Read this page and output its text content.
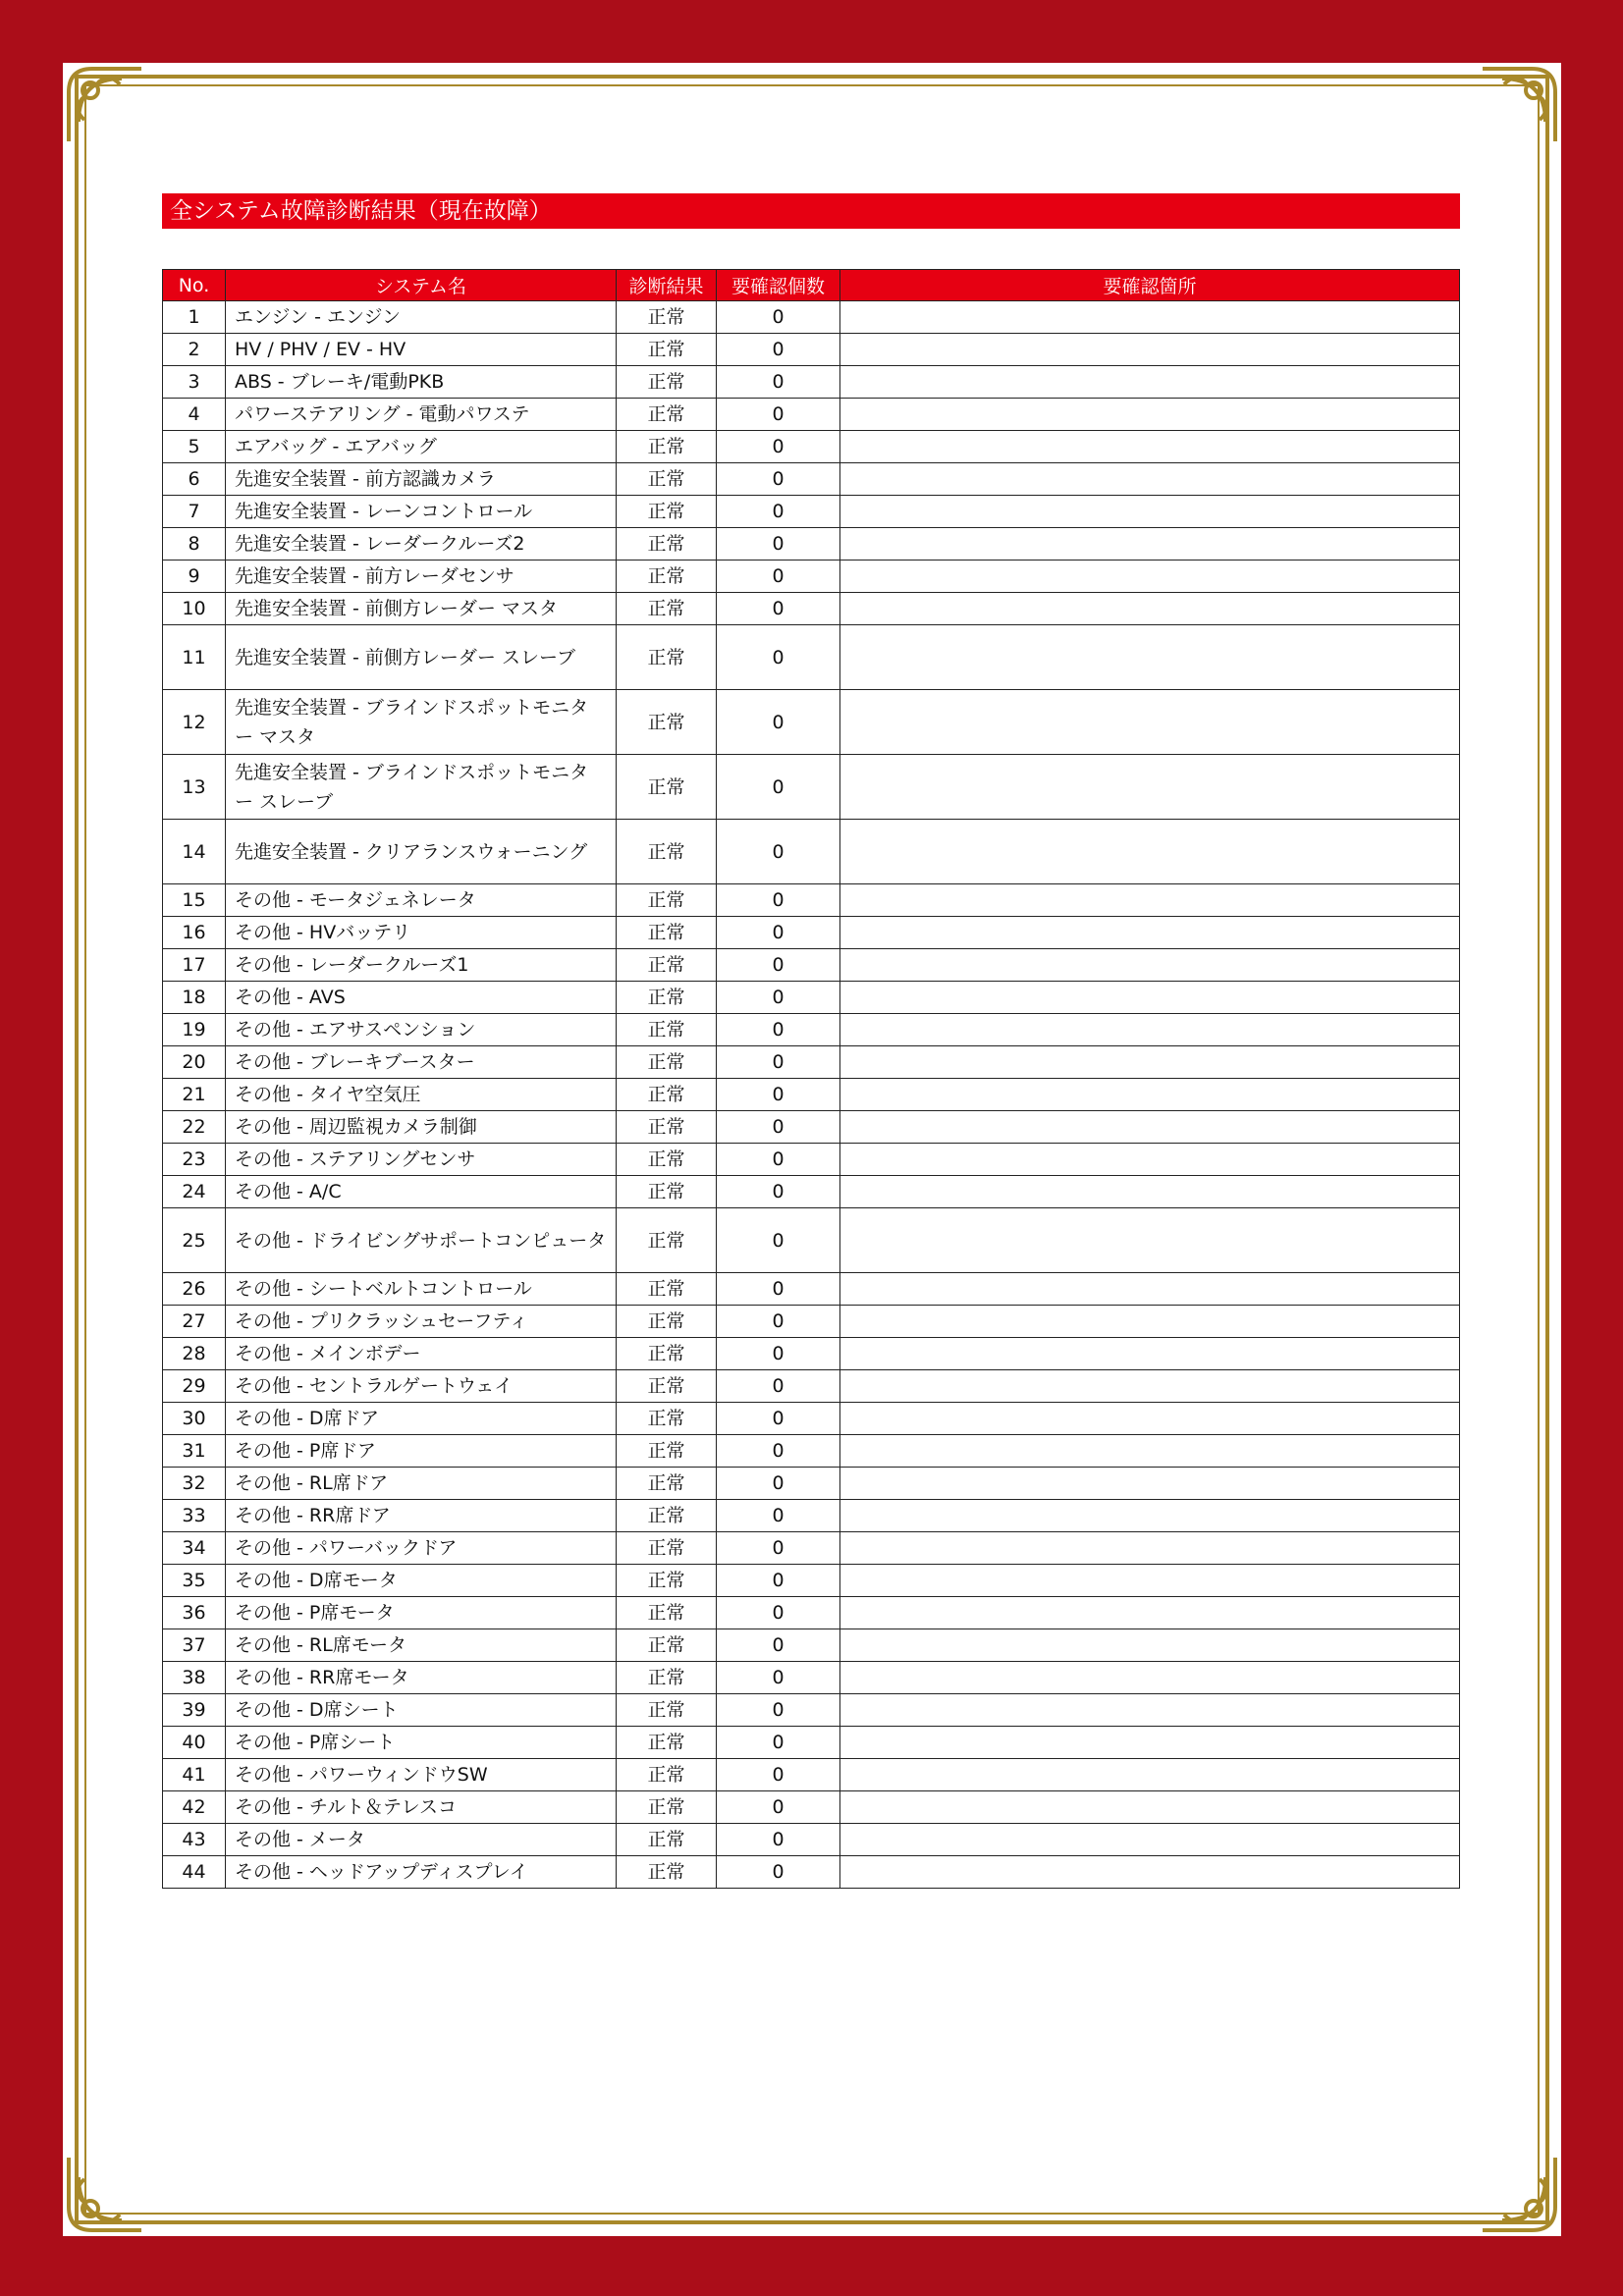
全システム故障診断結果（現在故障）
No.	システム名	診断結果	要確認個数	要確認箇所
1	エンジン - エンジン	正常	0	
2	HV / PHV / EV - HV	正常	0	
3	ABS - ブレーキ/電動PKB	正常	0	
4	パワーステアリング - 電動パワステ	正常	0	
5	エアバッグ - エアバッグ	正常	0	
6	先進安全装置 - 前方認識カメラ	正常	0	
7	先進安全装置 - レーンコントロール	正常	0	
8	先進安全装置 - レーダークルーズ2	正常	0	
9	先進安全装置 - 前方レーダセンサ	正常	0	
10	先進安全装置 - 前側方レーダー マスタ	正常	0	
11	先進安全装置 - 前側方レーダー スレーブ	正常	0	
12	先進安全装置 - ブラインドスポットモニター マスタ	正常	0	
13	先進安全装置 - ブラインドスポットモニター スレーブ	正常	0	
14	先進安全装置 - クリアランスウォーニング	正常	0	
15	その他 - モータジェネレータ	正常	0	
16	その他 - HVバッテリ	正常	0	
17	その他 - レーダークルーズ1	正常	0	
18	その他 - AVS	正常	0	
19	その他 - エアサスペンション	正常	0	
20	その他 - ブレーキブースター	正常	0	
21	その他 - タイヤ空気圧	正常	0	
22	その他 - 周辺監視カメラ制御	正常	0	
23	その他 - ステアリングセンサ	正常	0	
24	その他 - A/C	正常	0	
25	その他 - ドライビングサポートコンピュータ	正常	0	
26	その他 - シートベルトコントロール	正常	0	
27	その他 - プリクラッシュセーフティ	正常	0	
28	その他 - メインボデー	正常	0	
29	その他 - セントラルゲートウェイ	正常	0	
30	その他 - D席ドア	正常	0	
31	その他 - P席ドア	正常	0	
32	その他 - RL席ドア	正常	0	
33	その他 - RR席ドア	正常	0	
34	その他 - パワーバックドア	正常	0	
35	その他 - D席モータ	正常	0	
36	その他 - P席モータ	正常	0	
37	その他 - RL席モータ	正常	0	
38	その他 - RR席モータ	正常	0	
39	その他 - D席シート	正常	0	
40	その他 - P席シート	正常	0	
41	その他 - パワーウィンドウSW	正常	0	
42	その他 - チルト＆テレスコ	正常	0	
43	その他 - メータ	正常	0	
44	その他 - ヘッドアップディスプレイ	正常	0	
